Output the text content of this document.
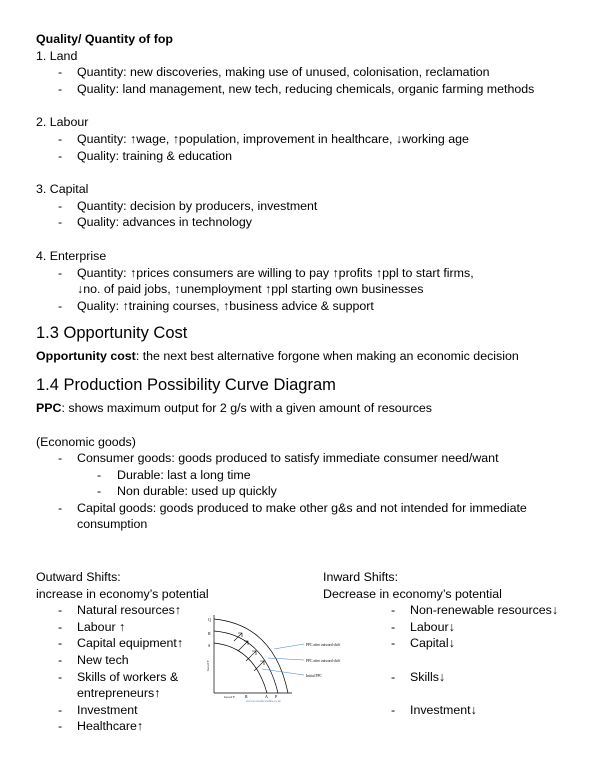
Quality/ Quantity of fop
1. Land
- Quantity: new discoveries, making use of unused, colonisation, reclamation
- Quality: land management, new tech, reducing chemicals, organic farming methods
2. Labour
- Quantity: ↑wage, ↑population, improvement in healthcare, ↓working age
- Quality: training & education
3. Capital
- Quantity: decision by producers, investment
- Quality: advances in technology
4. Enterprise
- Quantity: ↑prices consumers are willing to pay ↑profits ↑ppl to start firms,
↓no. of paid jobs, ↑unemployment ↑ppl starting own businesses
- Quality: ↑training courses, ↑business advice & support
1.3 Opportunity Cost
Opportunity cost: the next best alternative forgone when making an economic decision
1.4 Production Possibility Curve Diagram
PPC: shows maximum output for 2 g/s with a given amount of resources
(Economic goods)
- Consumer goods: goods produced to satisfy immediate consumer need/want
- Durable: last a long time
- Non durable: used up quickly
- Capital goods: goods produced to make other g&s and not intended for immediate
consumption
Outward Shifts:
increase in economy’s potential
- Natural resources↑
- Labour ↑
- Capital equipment↑
- New tech
- Skills of workers &
entrepreneurs↑
- Investment
- Healthcare↑
Inward Shifts:
Decrease in economy’s potential
- Non-renewable resources↓
- Labour↓
- Capital↓
- Skills↓
- Investment↓
PPC after outward shift
PPC after outward shift
Initial PPC
Q
R
S
R	A P
Good Y
Good Y
www.economicsonline.co.uk
